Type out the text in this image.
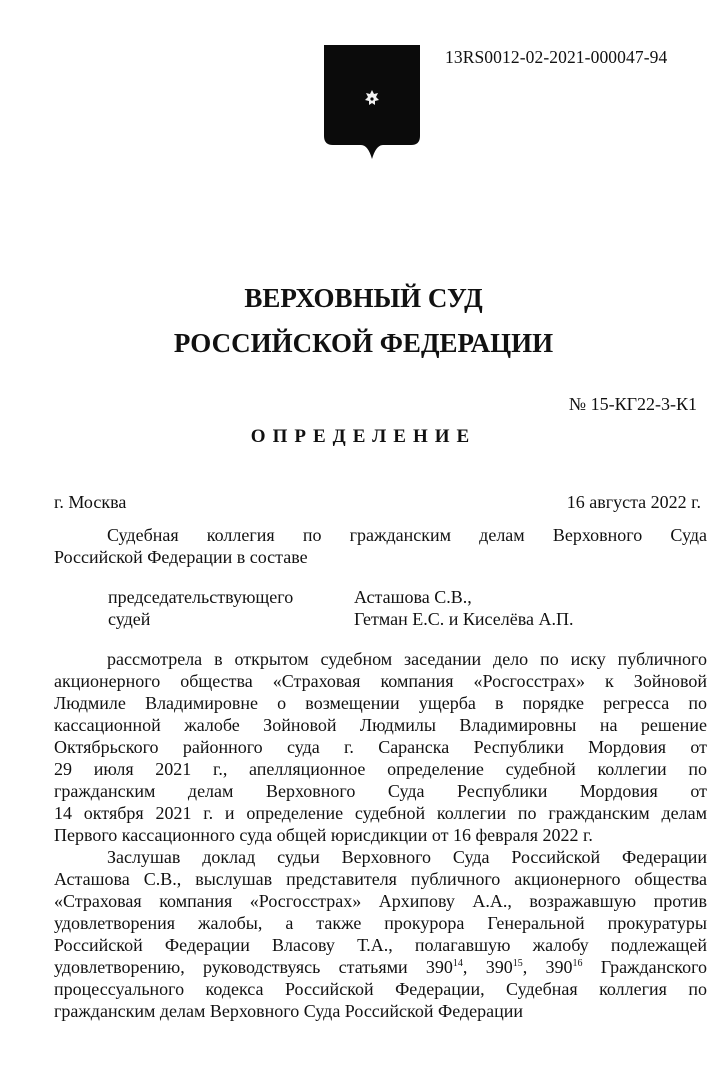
13RS0012-02-2021-000047-94
ВЕРХОВНЫЙ СУД
РОССИЙСКОЙ ФЕДЕРАЦИИ
№ 15-КГ22-3-К1
ОПРЕДЕЛЕНИЕ
г. Москва	16 августа 2022 г.
Судебная коллегия по гражданским делам Верховного Суда
Российской Федерации в составе
председательствующего	Асташова С.В.,
судей	Гетман Е.С. и Киселёва А.П.
рассмотрела в открытом судебном заседании дело по иску публичного
акционерного общества «Страховая компания «Росгосстрах» к Зойновой
Людмиле Владимировне о возмещении ущерба в порядке регресса по
кассационной жалобе Зойновой Людмилы Владимировны на решение
Октябрьского районного суда г. Саранска Республики Мордовия от
29 июля 2021 г., апелляционное определение судебной коллегии по
гражданским делам Верховного Суда Республики Мордовия от
14 октября 2021 г. и определение судебной коллегии по гражданским делам
Первого кассационного суда общей юрисдикции от 16 февраля 2022 г.
Заслушав доклад судьи Верховного Суда Российской Федерации
Асташова С.В., выслушав представителя публичного акционерного общества
«Страховая компания «Росгосстрах» Архипову А.А., возражавшую против
удовлетворения жалобы, а также прокурора Генеральной прокуратуры
Российской Федерации Власову Т.А., полагавшую жалобу подлежащей
удовлетворению, руководствуясь статьями $390^{14}$, $390^{15}$, $390^{16}$ Гражданского
процессуального кодекса Российской Федерации, Судебная коллегия по
гражданским делам Верховного Суда Российской Федерации
